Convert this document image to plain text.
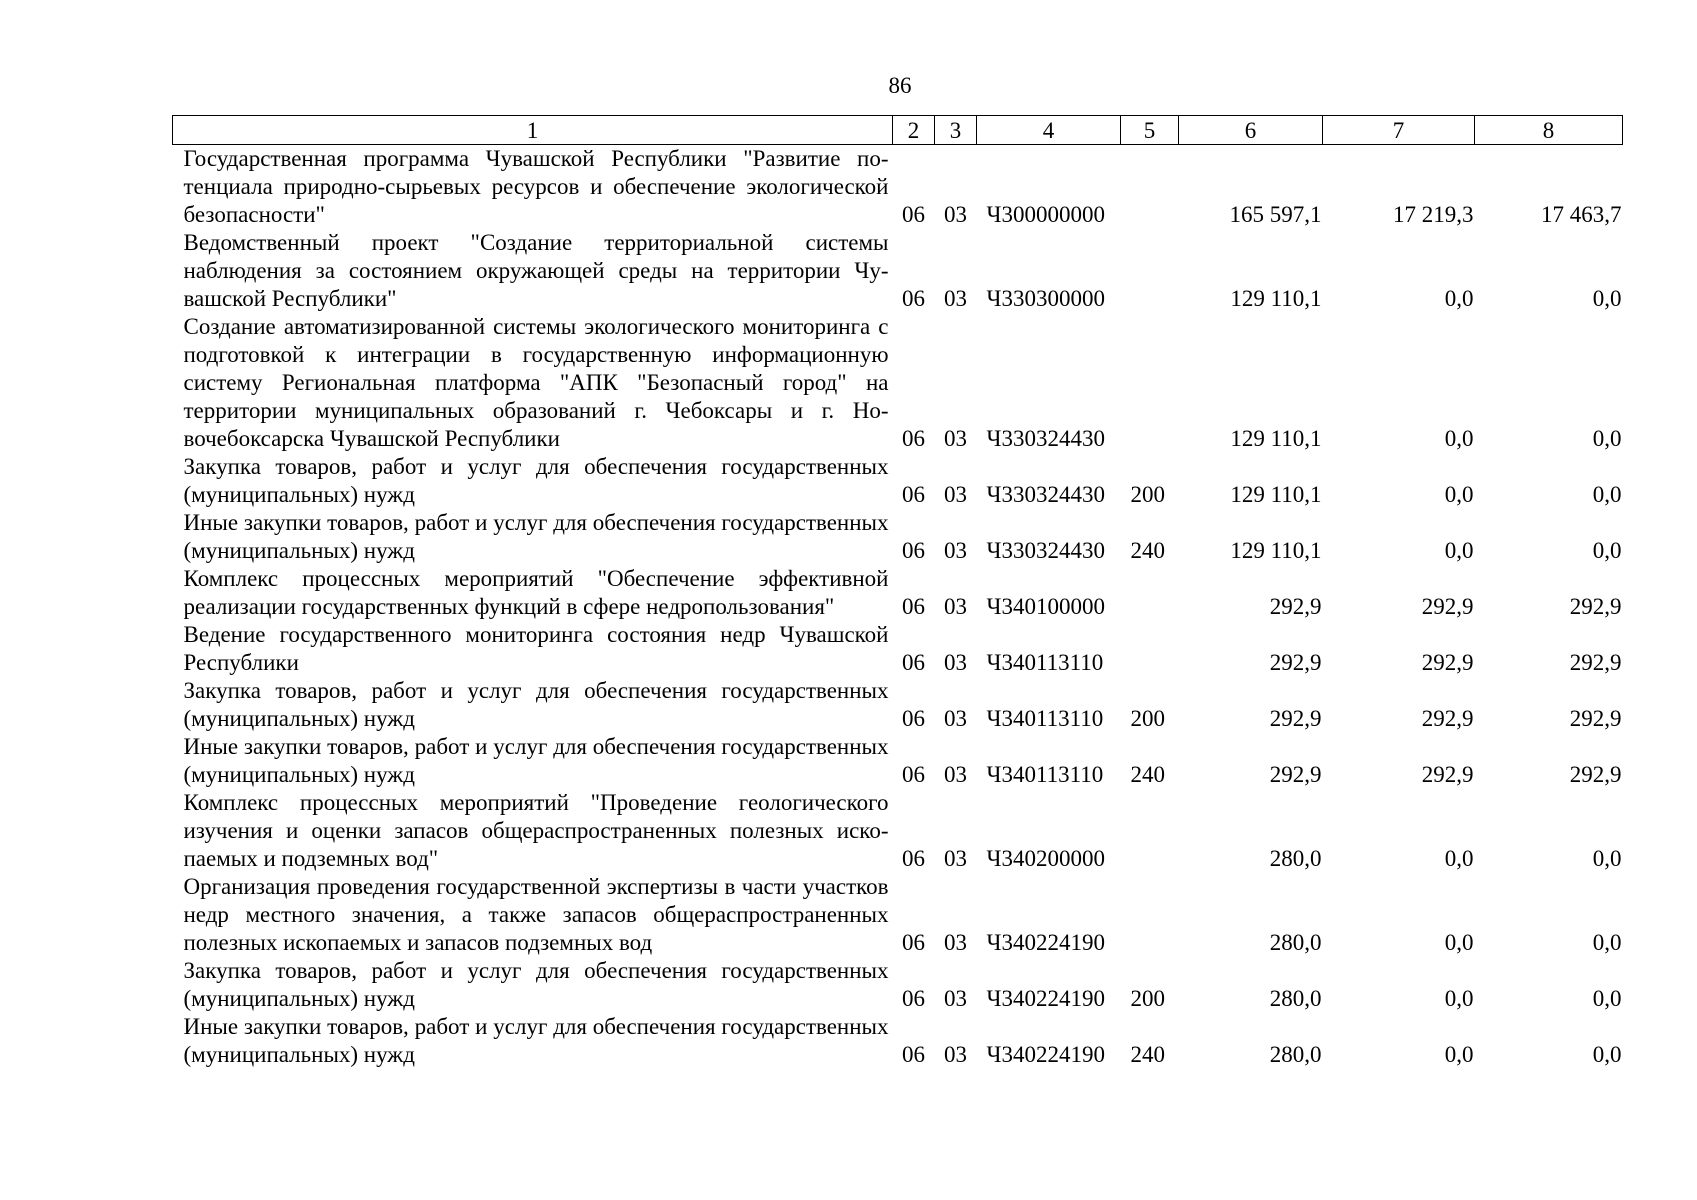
86
1	2	3	4	5	6	7	8
Государственная программа Чувашской Республики "Развитие потенциала природно-сырьевых ресурсов и обеспечение экологической безопасности"	06	03	Ч300000000		165 597,1	17 219,3	17 463,7
Ведомственный проект "Создание территориальной системы наблюдения за состоянием окружающей среды на территории Чувашской Республики"	06	03	Ч330300000		129 110,1	0,0	0,0
Создание автоматизированной системы экологического мониторинга с подготовкой к интеграции в государственную информационную систему Региональная платформа "АПК "Безопасный город" на территории муниципальных образований г. Чебоксары и г. Новочебоксарска Чувашской Республики	06	03	Ч330324430		129 110,1	0,0	0,0
Закупка товаров, работ и услуг для обеспечения государственных (муниципальных) нужд	06	03	Ч330324430	200	129 110,1	0,0	0,0
Иные закупки товаров, работ и услуг для обеспечения государственных (муниципальных) нужд	06	03	Ч330324430	240	129 110,1	0,0	0,0
Комплекс процессных мероприятий "Обеспечение эффективной реализации государственных функций в сфере недропользования"	06	03	Ч340100000		292,9	292,9	292,9
Ведение государственного мониторинга состояния недр Чувашской Республики	06	03	Ч340113110		292,9	292,9	292,9
Закупка товаров, работ и услуг для обеспечения государственных (муниципальных) нужд	06	03	Ч340113110	200	292,9	292,9	292,9
Иные закупки товаров, работ и услуг для обеспечения государственных (муниципальных) нужд	06	03	Ч340113110	240	292,9	292,9	292,9
Комплекс процессных мероприятий "Проведение геологического изучения и оценки запасов общераспространенных полезных ископаемых и подземных вод"	06	03	Ч340200000		280,0	0,0	0,0
Организация проведения государственной экспертизы в части участков недр местного значения, а также запасов общераспространенных полезных ископаемых и запасов подземных вод	06	03	Ч340224190		280,0	0,0	0,0
Закупка товаров, работ и услуг для обеспечения государственных (муниципальных) нужд	06	03	Ч340224190	200	280,0	0,0	0,0
Иные закупки товаров, работ и услуг для обеспечения государственных (муниципальных) нужд	06	03	Ч340224190	240	280,0	0,0	0,0
